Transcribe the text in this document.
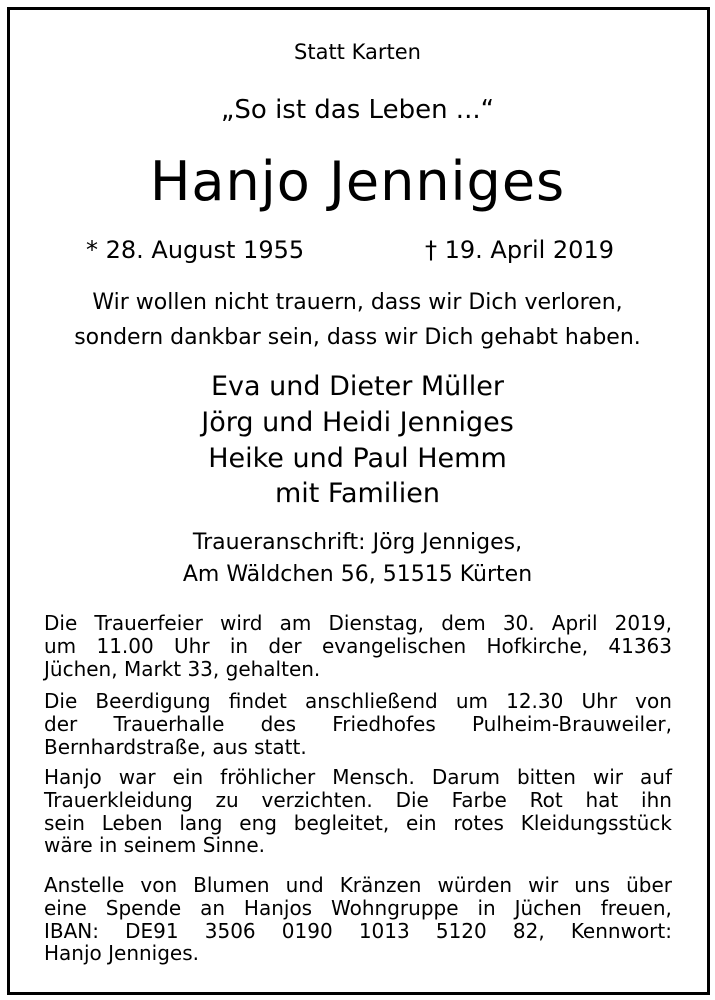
Statt Karten
„So ist das Leben ...“
Hanjo Jenniges
* 28. August 1955	† 19. April 2019
Wir wollen nicht trauern, dass wir Dich verloren,
sondern dankbar sein, dass wir Dich gehabt haben.
Eva und Dieter Müller
Jörg und Heidi Jenniges
Heike und Paul Hemm
mit Familien
Traueranschrift: Jörg Jenniges,
Am Wäldchen 56, 51515 Kürten
Die Trauerfeier wird am Dienstag, dem 30. April 2019,
um 11.00 Uhr in der evangelischen Hofkirche, 41363
Jüchen, Markt 33, gehalten.
Die Beerdigung findet anschließend um 12.30 Uhr von
der Trauerhalle des Friedhofes Pulheim-Brauweiler,
Bernhardstraße, aus statt.
Hanjo war ein fröhlicher Mensch. Darum bitten wir auf
Trauerkleidung zu verzichten. Die Farbe Rot hat ihn
sein Leben lang eng begleitet, ein rotes Kleidungsstück
wäre in seinem Sinne.
Anstelle von Blumen und Kränzen würden wir uns über
eine Spende an Hanjos Wohngruppe in Jüchen freuen,
IBAN: DE91 3506 0190 1013 5120 82, Kennwort:
Hanjo Jenniges.
